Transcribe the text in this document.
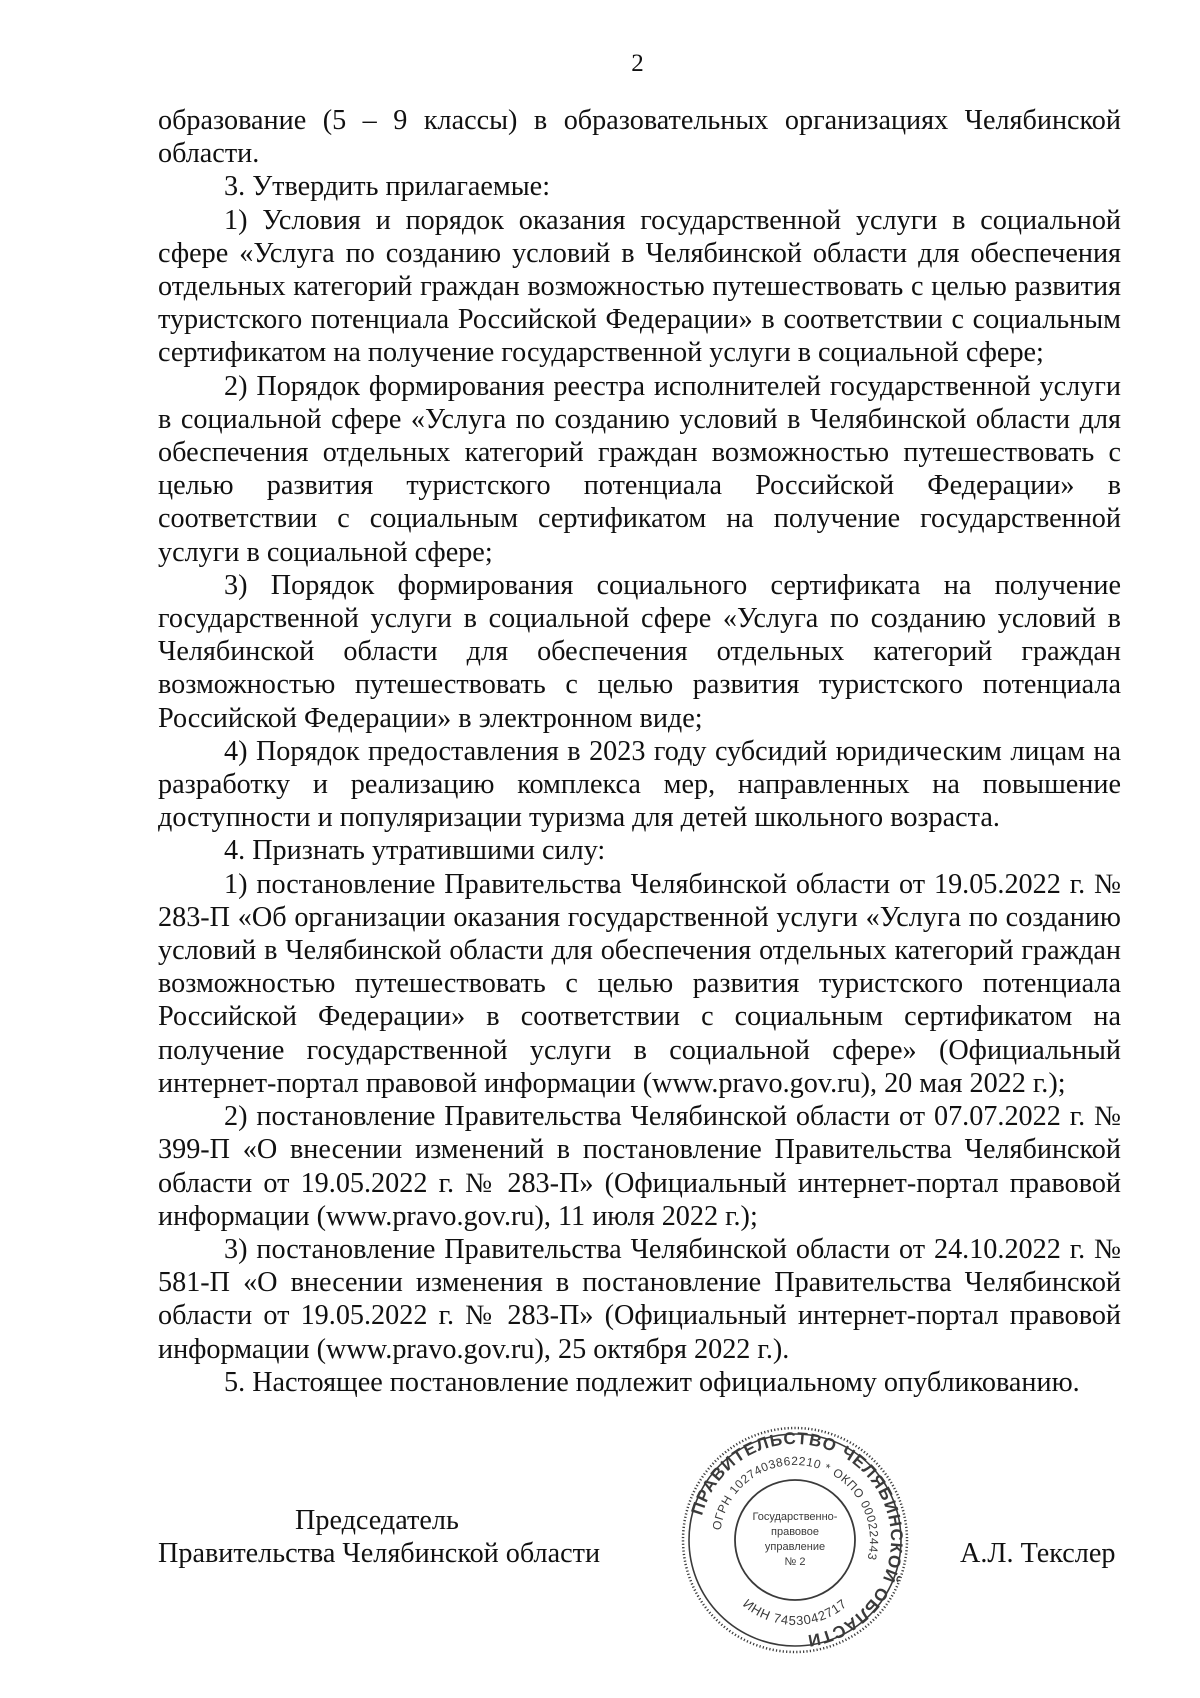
2

образование (5 – 9 классы) в образовательных организациях Челябинской области.

3. Утвердить прилагаемые:

1) Условия и порядок оказания государственной услуги в социальной сфере «Услуга по созданию условий в Челябинской области для обеспечения отдельных категорий граждан возможностью путешествовать с целью развития туристского потенциала Российской Федерации» в соответствии с социальным сертификатом на получение государственной услуги в социальной сфере;

2) Порядок формирования реестра исполнителей государственной услуги в социальной сфере «Услуга по созданию условий в Челябинской области для обеспечения отдельных категорий граждан возможностью путешествовать с целью развития туристского потенциала Российской Федерации» в соответствии с социальным сертификатом на получение государственной услуги в социальной сфере;

3) Порядок формирования социального сертификата на получение государственной услуги в социальной сфере «Услуга по созданию условий в Челябинской области для обеспечения отдельных категорий граждан возможностью путешествовать с целью развития туристского потенциала Российской Федерации» в электронном виде;

4) Порядок предоставления в 2023 году субсидий юридическим лицам на разработку и реализацию комплекса мер, направленных на повышение доступности и популяризации туризма для детей школьного возраста.

4. Признать утратившими силу:

1) постановление Правительства Челябинской области от 19.05.2022 г. № 283-П «Об организации оказания государственной услуги «Услуга по созданию условий в Челябинской области для обеспечения отдельных категорий граждан возможностью путешествовать с целью развития туристского потенциала Российской Федерации» в соответствии с социальным сертификатом на получение государственной услуги в социальной сфере» (Официальный интернет-портал правовой информации (www.pravo.gov.ru), 20 мая 2022 г.);

2) постановление Правительства Челябинской области от 07.07.2022 г. № 399-П «О внесении изменений в постановление Правительства Челябинской области от 19.05.2022 г. № 283-П» (Официальный интернет-портал правовой информации (www.pravo.gov.ru), 11 июля 2022 г.);

3) постановление Правительства Челябинской области от 24.10.2022 г. № 581-П «О внесении изменения в постановление Правительства Челябинской области от 19.05.2022 г. № 283-П» (Официальный интернет-портал правовой информации (www.pravo.gov.ru), 25 октября 2022 г.).

5. Настоящее постановление подлежит официальному опубликованию.

Председатель
Правительства Челябинской области
ПРАВИТЕЛЬСТВО ЧЕЛЯБИНСКОЙ ОБЛАСТИ
ОГРН 1027403862210 * ОКПО 00022443
ИНН 7453042717
Государственно-
правовое
управление
№ 2	А.Л. Текслер
